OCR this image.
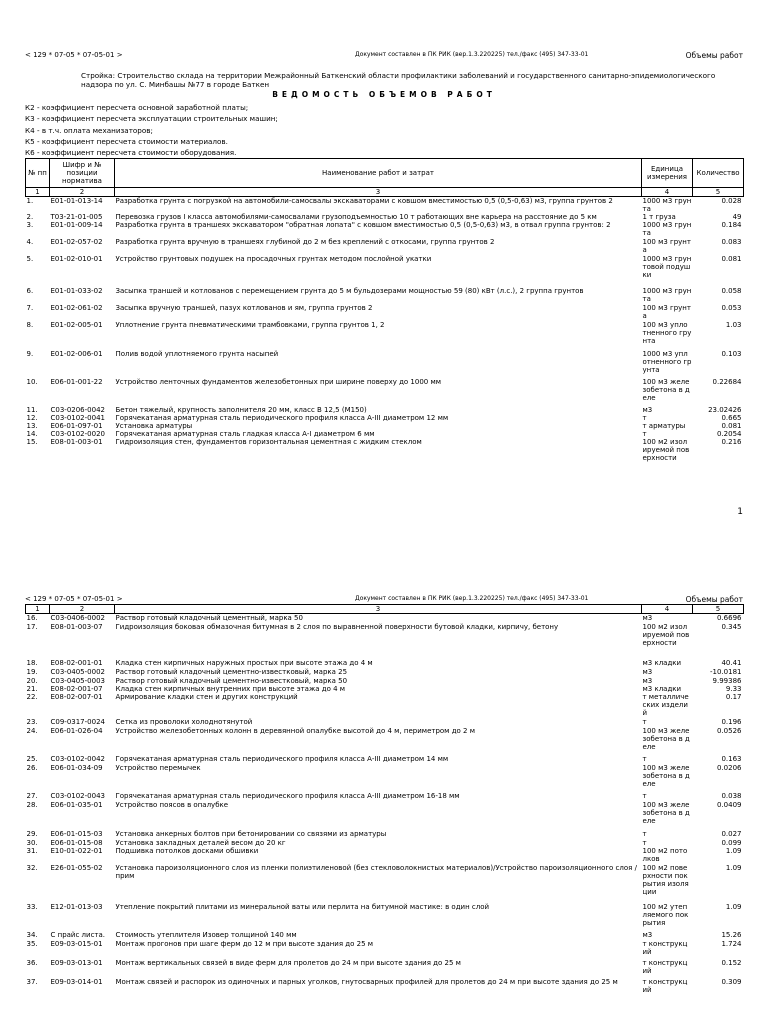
< 129 * 07-05 * 07-05-01 >	Документ составлен в ПК РИК (вер.1.3.220225) тел./факс (495) 347-33-01	Объемы работ
Стройка: Строительство склада на территории Межрайонный Баткенский области профилактики заболеваний и государственного санитарно-эпидемиологического надзора по ул. С. Минбашы №77 в городе Баткен
ВЕДОМОСТЬ ОБЪЕМОВ РАБОТ
К2 - коэффициент пересчета основной заработной платы;
К3 - коэффициент пересчета эксплуатации строительных машин;
К4 - в т.ч. оплата механизаторов;
К5 - коэффициент пересчета стоимости материалов.
К6 - коэффициент пересчета стоимости оборудования.
№ пп	Шифр и № позиции норматива	Наименование работ и затрат	Единица измерения	Количество
1	2	3	4	5
1.	Е01-01-013-14	Разработка грунта с погрузкой на автомобили-самосвалы экскаваторами с ковшом вместимостью 0,5 (0,5-0,63) м3, группа грунтов 2	1000 м3 грунта	0.028
2.	Т03-21-01-005	Перевозка грузов I класса автомобилями-самосвалами грузоподъемностью 10 т работающих вне карьера на расстояние до 5 км	1 т груза	49
3.	Е01-01-009-14	Разработка грунта в траншеях экскаватором "обратная лопата" с ковшом вместимостью 0,5 (0,5-0,63) м3, в отвал группа грунтов: 2	1000 м3 грунта	0.184
4.	Е01-02-057-02	Разработка грунта вручную в траншеях глубиной до 2 м без креплений с откосами, группа грунтов 2	100 м3 грунта	0.083
5.	Е01-02-010-01	Устройство грунтовых подушек на просадочных грунтах методом послойной укатки	1000 м3 грунтовой подушки	0.081
6.	Е01-01-033-02	Засыпка траншей и котлованов с перемещением грунта до 5 м бульдозерами мощностью 59 (80) кВт (л.с.), 2 группа грунтов	1000 м3 грунта	0.058
7.	Е01-02-061-02	Засыпка вручную траншей, пазух котлованов и ям, группа грунтов 2	100 м3 грунта	0.053
8.	Е01-02-005-01	Уплотнение грунта пневматическими трамбовками, группа грунтов 1, 2	100 м3 уплотненного грунта	1.03
9.	Е01-02-006-01	Полив водой уплотняемого грунта насыпей	1000 м3 уплотненного грунта	0.103
10.	Е06-01-001-22	Устройство ленточных фундаментов железобетонных при ширине поверху до 1000 мм	100 м3 железобетона в деле	0.22684
11.	С03-0206-0042	Бетон тяжелый, крупность заполнителя 20 мм, класс В 12,5 (М150)	м3	23.02426
12.	С03-0102-0041	Горячекатаная арматурная сталь периодического профиля класса А-III диаметром 12 мм	т	0.665
13.	Е06-01-097-01	Установка арматуры	т арматуры	0.081
14.	С03-0102-0020	Горячекатаная арматурная сталь гладкая класса А-I диаметром 6 мм	т	0.2054
15.	Е08-01-003-01	Гидроизоляция стен, фундаментов горизонтальная цементная с жидким стеклом	100 м2 изолируемой поверхности	0.216
1
< 129 * 07-05 * 07-05-01 >	Документ составлен в ПК РИК (вер.1.3.220225) тел./факс (495) 347-33-01	Объемы работ
1	2	3	4	5
16.	С03-0406-0002	Раствор готовый кладочный цементный, марка 50	м3	0.6696
17.	Е08-01-003-07	Гидроизоляция боковая обмазочная битумная в 2 слоя по выравненной поверхности бутовой кладки, кирпичу, бетону	100 м2 изолируемой поверхности	0.345
18.	Е08-02-001-01	Кладка стен кирпичных наружных простых при высоте этажа до 4 м	м3 кладки	40.41
19.	С03-0405-0002	Раствор готовый кладочный цементно-известковый, марка 25	м3	-10.0181
20.	С03-0405-0003	Раствор готовый кладочный цементно-известковый, марка 50	м3	9.99386
21.	Е08-02-001-07	Кладка стен кирпичных внутренних при высоте этажа до 4 м	м3 кладки	9.33
22.	Е08-02-007-01	Армирование кладки стен и других конструкций	т металлических изделий	0.17
23.	С09-0317-0024	Сетка из проволоки холоднотянутой	т	0.196
24.	Е06-01-026-04	Устройство железобетонных колонн в деревянной опалубке высотой до 4 м, периметром до 2 м	100 м3 железобетона в деле	0.0526
25.	С03-0102-0042	Горячекатаная арматурная сталь периодического профиля класса А-III диаметром 14 мм	т	0.163
26.	Е06-01-034-09	Устройство перемычек	100 м3 железобетона в деле	0.0206
27.	С03-0102-0043	Горячекатаная арматурная сталь периодического профиля класса А-III диаметром 16-18 мм	т	0.038
28.	Е06-01-035-01	Устройство поясов в опалубке	100 м3 железобетона в деле	0.0409
29.	Е06-01-015-03	Установка анкерных болтов при бетонировании со связями из арматуры	т	0.027
30.	Е06-01-015-08	Установка закладных деталей весом до 20 кг	т	0.099
31.	Е10-01-022-01	Подшивка потолков досками обшивки	100 м2 потолков	1.09
32.	Е26-01-055-02	Установка пароизоляционного слоя из пленки полиэтиленовой (без стекловолокнистых материалов)/Устройство пароизоляционного слоя /прим	100 м2 поверхности покрытия изоляции	1.09
33.	Е12-01-013-03	Утепление покрытий плитами из минеральной ваты или перлита на битумной мастике: в один слой	100 м2 утепляемого покрытия	1.09
34.	С прайс листа.	Стоимость утеплителя Изовер толщиной 140 мм	м3	15.26
35.	Е09-03-015-01	Монтаж прогонов при шаге ферм до 12 м при высоте здания до 25 м	т конструкций	1.724
36.	Е09-03-013-01	Монтаж вертикальных связей в виде ферм для пролетов до 24 м при высоте здания до 25 м	т конструкций	0.152
37.	Е09-03-014-01	Монтаж связей и распорок из одиночных и парных уголков, гнутосварных профилей для пролетов до 24 м при высоте здания до 25 м	т конструкций	0.309
